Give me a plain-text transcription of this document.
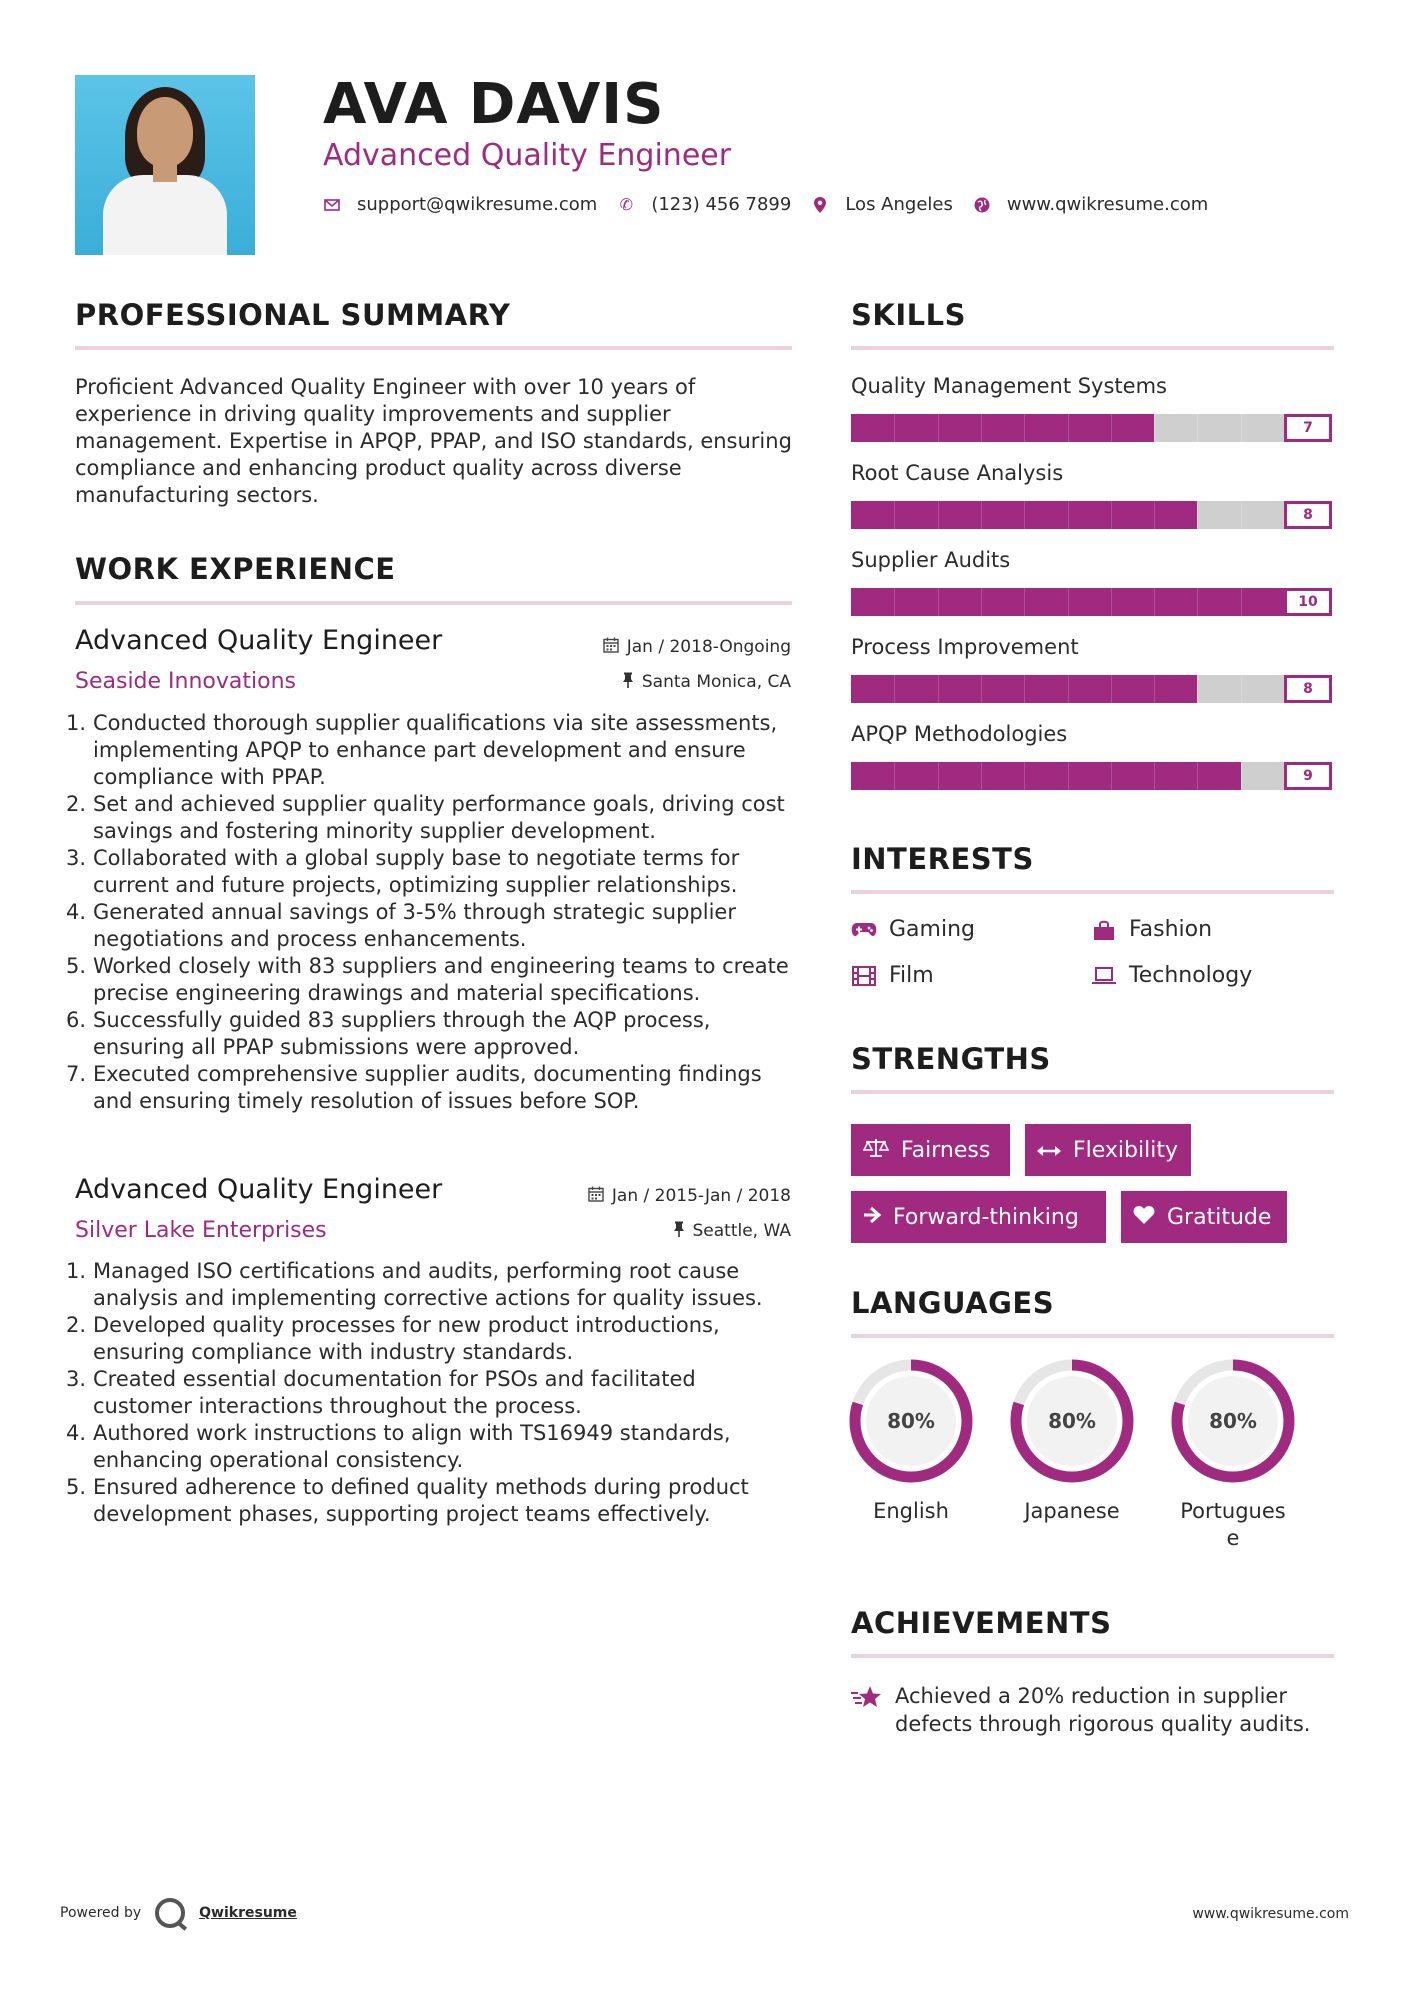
AVA DAVIS
Advanced Quality Engineer
support@qwikresume.com ✆ (123) 456 7899	Los Angeles	www.qwikresume.com
PROFESSIONAL SUMMARY
Proficient Advanced Quality Engineer with over 10 years of experience in driving quality improvements and supplier management. Expertise in APQP, PPAP, and ISO standards, ensuring compliance and enhancing product quality across diverse manufacturing sectors.
WORK EXPERIENCE
Advanced Quality Engineer	Jan / 2018-Ongoing
Seaside Innovations	Santa Monica, CA
1. Conducted thorough supplier qualifications via site assessments, implementing APQP to enhance part development and ensure compliance with PPAP.
2. Set and achieved supplier quality performance goals, driving cost savings and fostering minority supplier development.
3. Collaborated with a global supply base to negotiate terms for current and future projects, optimizing supplier relationships.
4. Generated annual savings of 3-5% through strategic supplier negotiations and process enhancements.
5. Worked closely with 83 suppliers and engineering teams to create precise engineering drawings and material specifications.
6. Successfully guided 83 suppliers through the AQP process, ensuring all PPAP submissions were approved.
7. Executed comprehensive supplier audits, documenting findings and ensuring timely resolution of issues before SOP.
Advanced Quality Engineer	Jan / 2015-Jan / 2018
Silver Lake Enterprises	Seattle, WA
1. Managed ISO certifications and audits, performing root cause analysis and implementing corrective actions for quality issues.
2. Developed quality processes for new product introductions, ensuring compliance with industry standards.
3. Created essential documentation for PSOs and facilitated customer interactions throughout the process.
4. Authored work instructions to align with TS16949 standards, enhancing operational consistency.
5. Ensured adherence to defined quality methods during product development phases, supporting project teams effectively.
SKILLS
Quality Management Systems
7
Root Cause Analysis
8
Supplier Audits
10
Process Improvement
8
APQP Methodologies
9
INTERESTS
Gaming	Fashion
Film	Technology
STRENGTHS
Fairness	Flexibility
Forward-thinking	Gratitude
LANGUAGES
80%	80%	80%
English	Japanese	Portugues
e
ACHIEVEMENTS
Achieved a 20% reduction in supplier defects through rigorous quality audits.
Powered by	Qwikresume	www.qwikresume.com
